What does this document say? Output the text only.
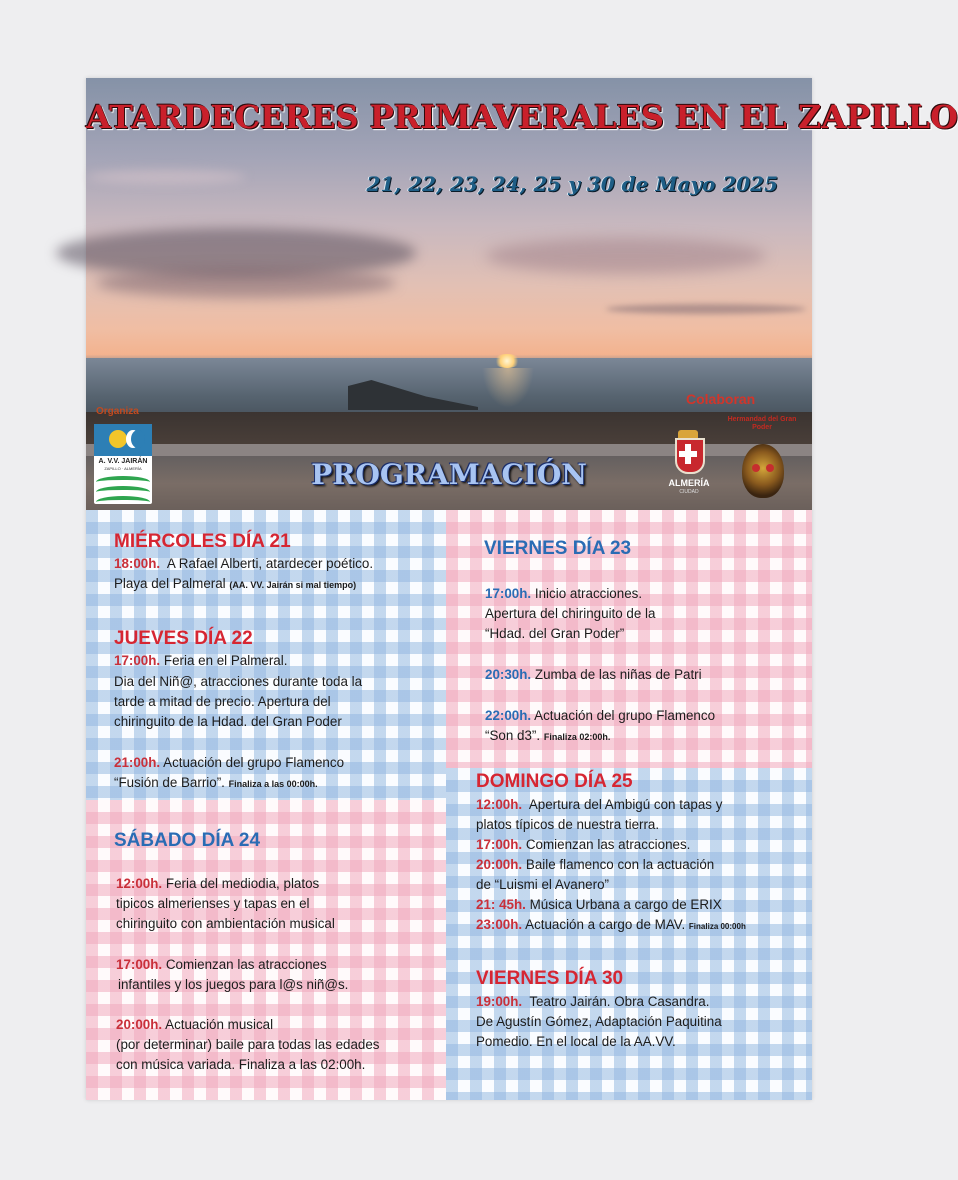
ATARDECERES PRIMAVERALES EN EL ZAPILLO

21, 22, 23, 24, 25 y 30 de Mayo 2025

Organiza
A. V.V. JAIRÁN
ZAPILLO · ALMERÍA
Colaboran
Hermandad del Gran Poder
ALMERÍA
CIUDAD
PROGRAMACIÓN
MIÉRCOLES DÍA 21

18:00h. A Rafael Alberti, atardecer poético.

Playa del Palmeral (AA. VV. Jairán si mal tiempo)

JUEVES DÍA 22

17:00h. Feria en el Palmeral.

Dia del Niñ@, atracciones durante toda la

tarde a mitad de precio. Apertura del

chiringuito de la Hdad. del Gran Poder

21:00h. Actuación del grupo Flamenco

“Fusión de Barrio”. Finaliza a las 00:00h.

SÁBADO DÍA 24

12:00h. Feria del mediodia, platos

tipicos almerienses y tapas en el

chiringuito con ambientación musical

17:00h. Comienzan las atracciones

infantiles y los juegos para l@s niñ@s.

20:00h. Actuación musical

(por determinar) baile para todas las edades

con música variada. Finaliza a las 02:00h.

VIERNES DÍA 23

17:00h. Inicio atracciones.

Apertura del chiringuito de la

“Hdad. del Gran Poder”

20:30h. Zumba de las niñas de Patri

22:00h. Actuación del grupo Flamenco

“Son d3”. Finaliza 02:00h.

DOMINGO DÍA 25

12:00h. Apertura del Ambigú con tapas y

platos típicos de nuestra tierra.

17:00h. Comienzan las atracciones.

20:00h. Baile flamenco con la actuación

de “Luismi el Avanero”

21: 45h. Música Urbana a cargo de ERIX

23:00h. Actuación a cargo de MAV. Finaliza 00:00h

VIERNES DÍA 30

19:00h. Teatro Jairán. Obra Casandra.

De Agustín Gómez, Adaptación Paquitina

Pomedio. En el local de la AA.VV.
